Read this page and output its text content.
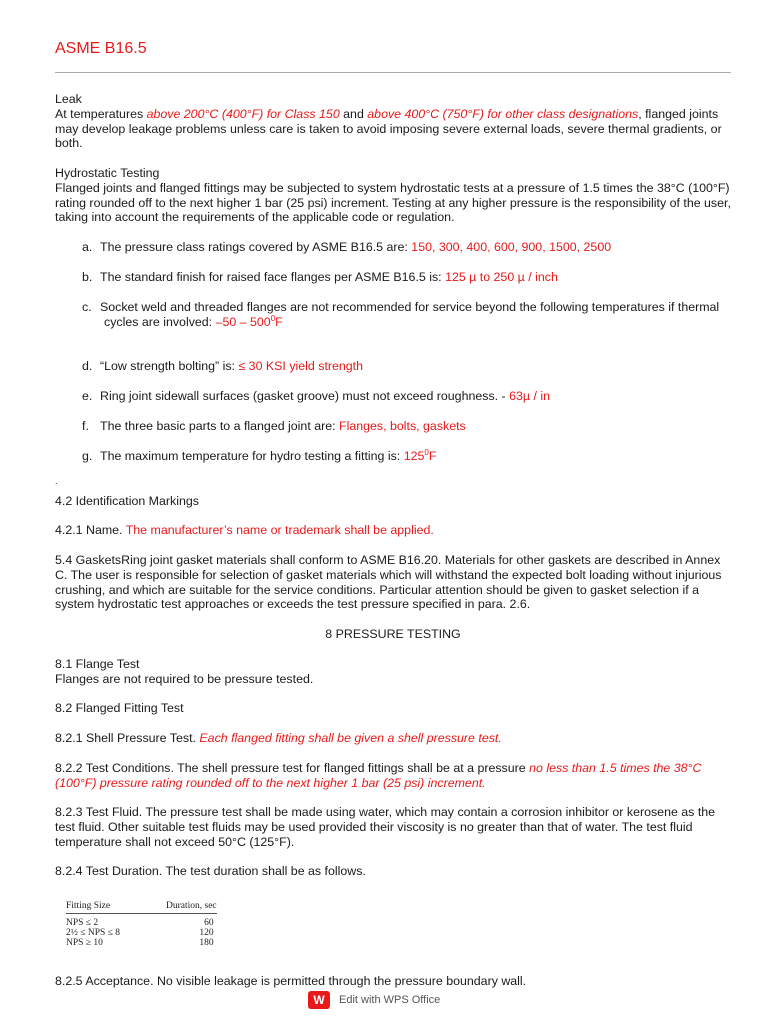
ASME B16.5

Leak
At temperatures above 200°C (400°F) for Class 150 and above 400°C (750°F) for other class designations, flanged joints may develop leakage problems unless care is taken to avoid imposing severe external loads, severe thermal gradients, or both.

Hydrostatic Testing
Flanged joints and flanged fittings may be subjected to system hydrostatic tests at a pressure of 1.5 times the 38°C (100°F) rating rounded off to the next higher 1 bar (25 psi) increment. Testing at any higher pressure is the responsibility of the user, taking into account the requirements of the applicable code or regulation.

a. The pressure class ratings covered by ASME B16.5 are: 150, 300, 400, 600, 900, 1500, 2500

b. The standard finish for raised face flanges per ASME B16.5 is: 125 µ to 250 µ / inch

c. Socket weld and threaded flanges are not recommended for service beyond the following temperatures if thermal
cycles are involved: $-50 - 500^0F$

d. “Low strength bolting” is: ≤ 30 KSI yield strength

e. Ring joint sidewall surfaces (gasket groove) must not exceed roughness. - 63µ / in

f. The three basic parts to a flanged joint are: Flanges, bolts, gaskets

g. The maximum temperature for hydro testing a fitting is: $125^0F$

.

4.2 Identification Markings

4.2.1 Name. The manufacturer’s name or trademark shall be applied.

5.4 GasketsRing joint gasket materials shall conform to ASME B16.20. Materials for other gaskets are described in Annex C. The user is responsible for selection of gasket materials which will withstand the expected bolt loading without injurious crushing, and which are suitable for the service conditions. Particular attention should be given to gasket selection if a system hydrostatic test approaches or exceeds the test pressure specified in para. 2.6.

8 PRESSURE TESTING

8.1 Flange Test
Flanges are not required to be pressure tested.

8.2 Flanged Fitting Test

8.2.1 Shell Pressure Test. Each flanged fitting shall be given a shell pressure test.

8.2.2 Test Conditions. The shell pressure test for flanged fittings shall be at a pressure no less than 1.5 times the 38°C (100°F) pressure rating rounded off to the next higher 1 bar (25 psi) increment.

8.2.3 Test Fluid. The pressure test shall be made using water, which may contain a corrosion inhibitor or kerosene as the test fluid. Other suitable test fluids may be used provided their viscosity is no greater than that of water. The test fluid temperature shall not exceed 50°C (125°F).

8.2.4 Test Duration. The test duration shall be as follows.

Fitting Size	Duration, sec
NPS ≤ 2	60
2½ ≤ NPS ≤ 8	120
NPS ≥ 10	180

8.2.5 Acceptance. No visible leakage is permitted through the pressure boundary wall.

W	Edit with WPS Office
